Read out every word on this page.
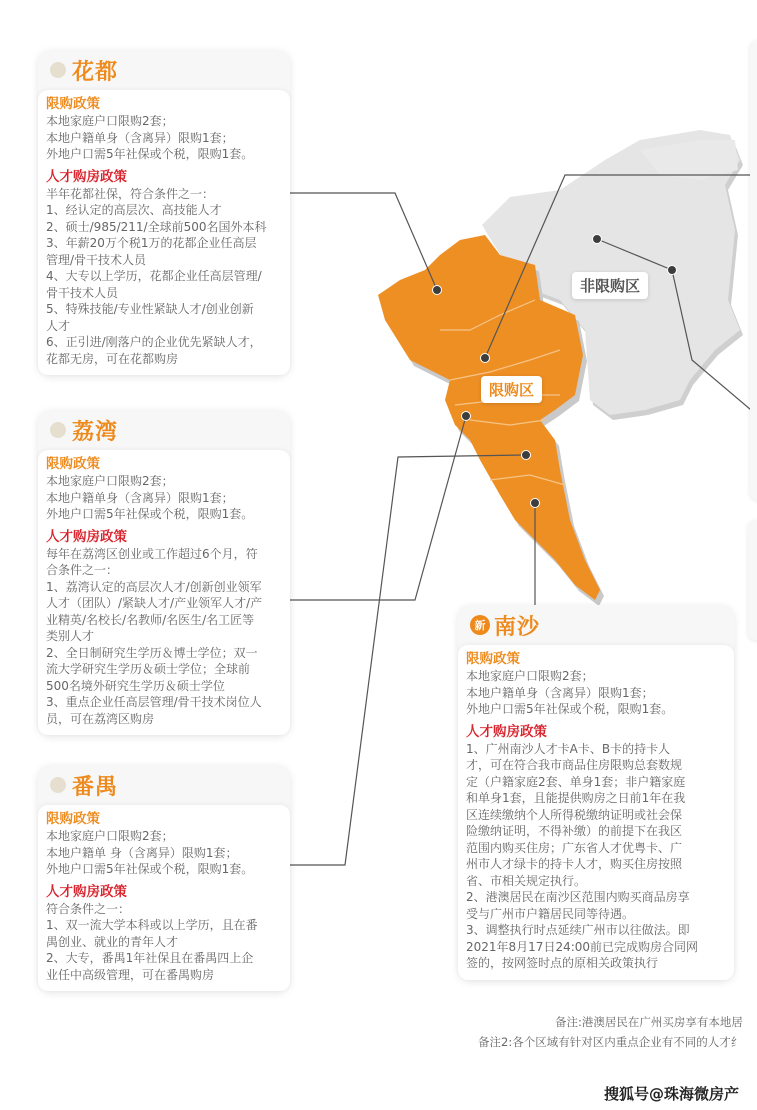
非限购区
限购区
花都
限购政策
本地家庭户口限购2套；
本地户籍单身（含离异）限购1套；
外地户口需5年社保或个税，限购1套。
人才购房政策
半年花都社保，符合条件之一：
1、经认定的高层次、高技能人才
2、硕士/985/211/全球前500名国外本科
3、年薪20万个税1万的花都企业任高层
管理/骨干技术人员
4、大专以上学历，花都企业任高层管理/
骨干技术人员
5、特殊技能/专业性紧缺人才/创业创新
人才
6、正引进/刚落户的企业优先紧缺人才，
花都无房，可在花都购房
荔湾
限购政策
本地家庭户口限购2套；
本地户籍单身（含离异）限购1套；
外地户口需5年社保或个税，限购1套。
人才购房政策
每年在荔湾区创业或工作超过6个月，符
合条件之一：
1、荔湾认定的高层次人才/创新创业领军
人才（团队）/紧缺人才/产业领军人才/产
业精英/名校长/名教师/名医生/名工匠等
类别人才
2、全日制研究生学历＆博士学位；双一
流大学研究生学历＆硕士学位；全球前
500名境外研究生学历＆硕士学位
3、重点企业任高层管理/骨干技术岗位人
员，可在荔湾区购房
番禺
限购政策
本地家庭户口限购2套；
本地户籍单 身（含离异）限购1套；
外地户口需5年社保或个税，限购1套。
人才购房政策
符合条件之一：
1、双一流大学本科或以上学历，且在番
禺创业、就业的青年人才
2、大专，番禺1年社保且在番禺四上企
业任中高级管理，可在番禺购房
新 南沙
限购政策
本地家庭户口限购2套；
本地户籍单身（含离异）限购1套；
外地户口需5年社保或个税，限购1套。
人才购房政策
1、广州南沙人才卡A卡、B卡的持卡人
才，可在符合我市商品住房限购总套数规
定（户籍家庭2套、单身1套；非户籍家庭
和单身1套，且能提供购房之日前1年在我
区连续缴纳个人所得税缴纳证明或社会保
险缴纳证明，不得补缴）的前提下在我区
范围内购买住房；广东省人才优粤卡、广
州市人才绿卡的持卡人才，购买住房按照
省、市相关规定执行。
2、港澳居民在南沙区范围内购买商品房享
受与广州市户籍居民同等待遇。
3、调整执行时点延续广州市以往做法。即
2021年8月17日24:00前已完成购房合同网
签的，按网签时点的原相关政策执行
备注:港澳居民在广州买房享有本地居
备注2:各个区域有针对区内重点企业有不同的人才纟
搜狐号@珠海微房产
